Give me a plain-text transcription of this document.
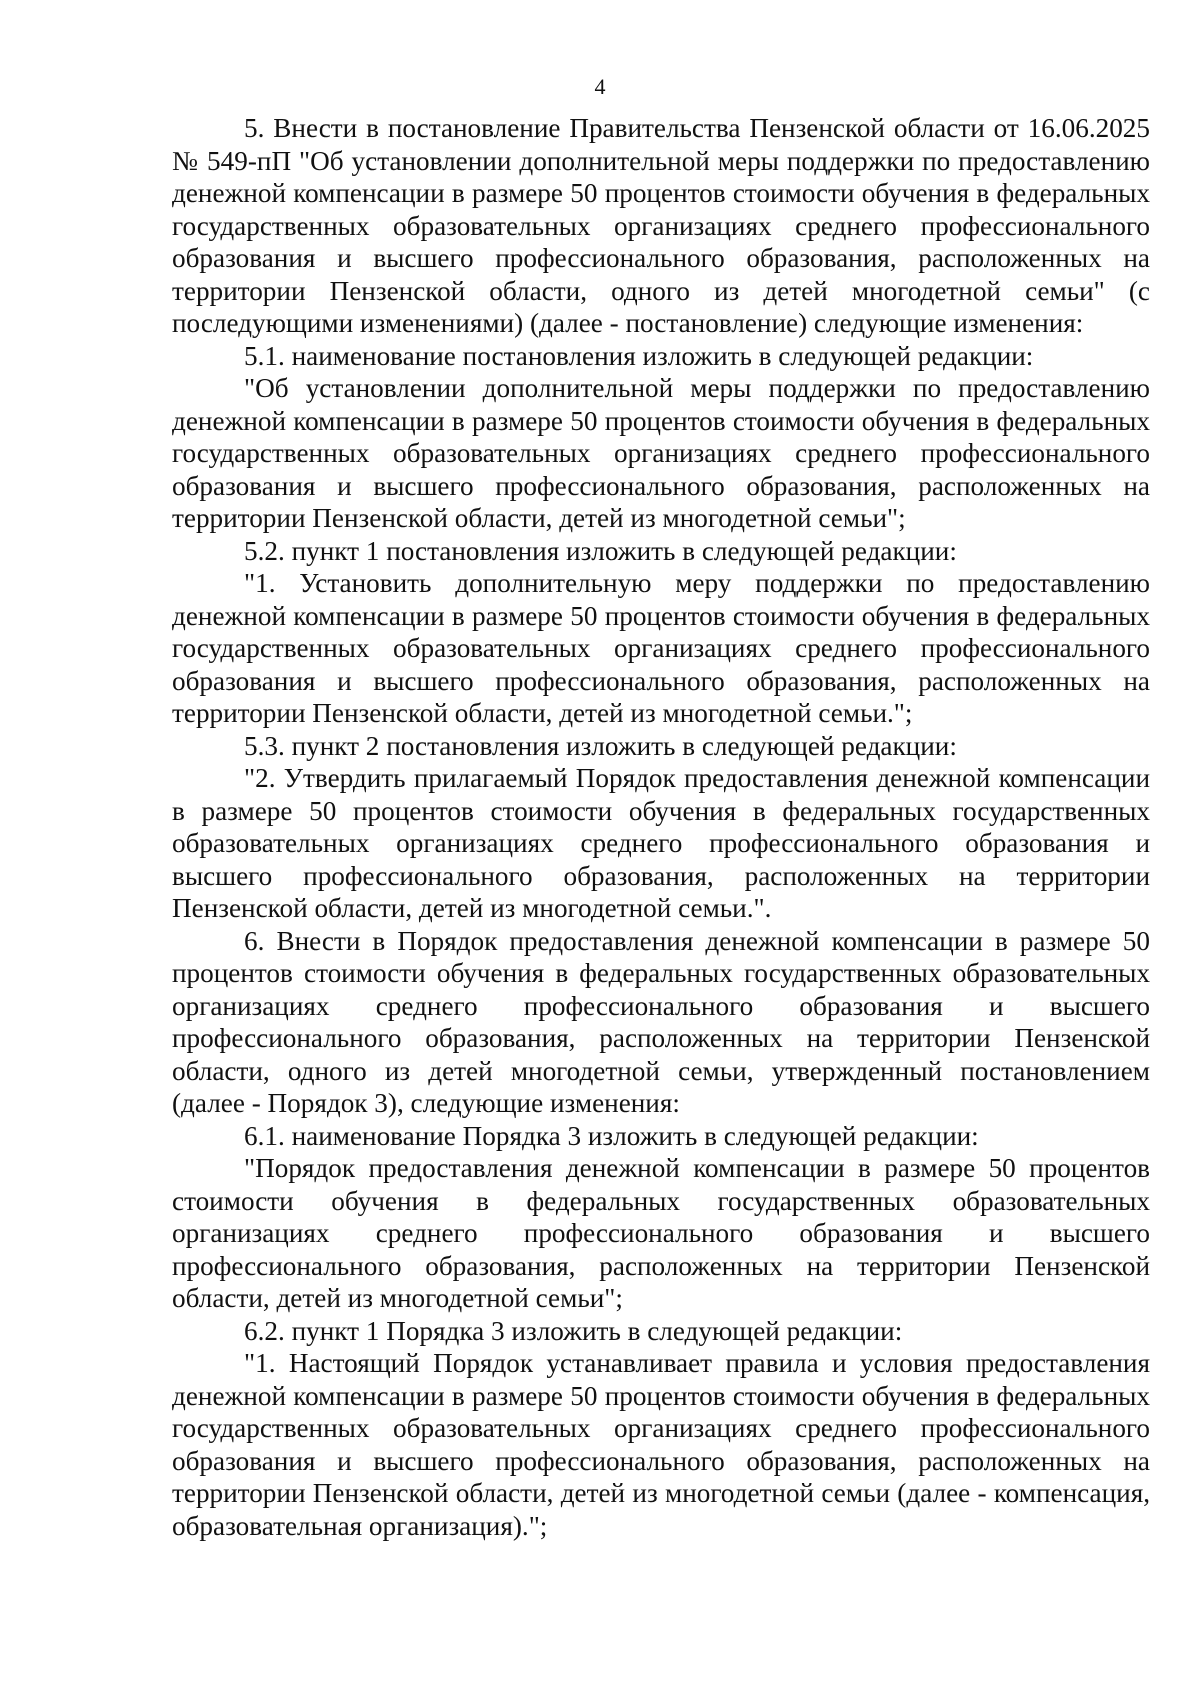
4

5. Внести в постановление Правительства Пензенской области от 16.06.2025 № 549-пП "Об установлении дополнительной меры поддержки по предоставлению денежной компенсации в размере 50 процентов стоимости обучения в федеральных государственных образовательных организациях среднего профессионального образования и высшего профессионального образования, расположенных на территории Пензенской области, одного из детей многодетной семьи" (с последующими изменениями) (далее - постановление) следующие изменения:

5.1. наименование постановления изложить в следующей редакции:

"Об установлении дополнительной меры поддержки по предоставлению денежной компенсации в размере 50 процентов стоимости обучения в федеральных государственных образовательных организациях среднего профессионального образования и высшего профессионального образования, расположенных на территории Пензенской области, детей из многодетной семьи";

5.2. пункт 1 постановления изложить в следующей редакции:

"1. Установить дополнительную меру поддержки по предоставлению денежной компенсации в размере 50 процентов стоимости обучения в федеральных государственных образовательных организациях среднего профессионального образования и высшего профессионального образования, расположенных на территории Пензенской области, детей из многодетной семьи.";

5.3. пункт 2 постановления изложить в следующей редакции:

"2. Утвердить прилагаемый Порядок предоставления денежной компенсации в размере 50 процентов стоимости обучения в федеральных государственных образовательных организациях среднего профессионального образования и высшего профессионального образования, расположенных на территории Пензенской области, детей из многодетной семьи.".

6. Внести в Порядок предоставления денежной компенсации в размере 50 процентов стоимости обучения в федеральных государственных образовательных организациях среднего профессионального образования и высшего профессионального образования, расположенных на территории Пензенской области, одного из детей многодетной семьи, утвержденный постановлением (далее - Порядок 3), следующие изменения:

6.1. наименование Порядка 3 изложить в следующей редакции:

"Порядок предоставления денежной компенсации в размере 50 процентов стоимости обучения в федеральных государственных образовательных организациях среднего профессионального образования и высшего профессионального образования, расположенных на территории Пензенской области, детей из многодетной семьи";

6.2. пункт 1 Порядка 3 изложить в следующей редакции:

"1. Настоящий Порядок устанавливает правила и условия предоставления денежной компенсации в размере 50 процентов стоимости обучения в федеральных государственных образовательных организациях среднего профессионального образования и высшего профессионального образования, расположенных на территории Пензенской области, детей из многодетной семьи (далее - компенсация, образовательная организация).";
